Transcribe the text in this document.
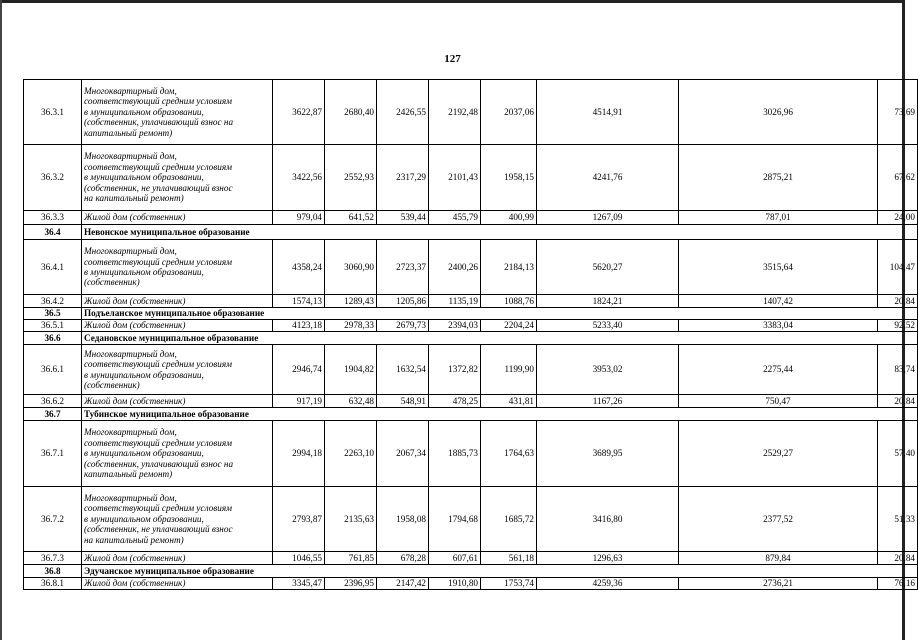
127
36.3.1	Многоквартирный дом,
соответствующий средним условиям
в муниципальном образовании,
(собственник, уплачивающий взнос на
капитальный ремонт)	3622,87	2680,40	2426,55	2192,48	2037,06	4514,91	3026,96	73,69
36.3.2	Многоквартирный дом,
соответствующий средним условиям
в муниципальном образовании,
(собственник, не уплачивающий взнос
на капитальный ремонт)	3422,56	2552,93	2317,29	2101,43	1958,15	4241,76	2875,21	67,62
36.3.3	Жилой дом (собственник)	979,04	641,52	539,44	455,79	400,99	1267,09	787,01	24,00
36.4	Невонское муниципальное образование								
36.4.1	Многоквартирный дом,
соответствующий средним условиям
в муниципальном образовании,
(собственник)	4358,24	3060,90	2723,37	2400,26	2184,13	5620,27	3515,64	104,47
36.4.2	Жилой дом (собственник)	1574,13	1289,43	1205,86	1135,19	1088,76	1824,21	1407,42	20,84
36.5	Подъеланское муниципальное образование								
36.5.1	Жилой дом (собственник)	4123,18	2978,33	2679,73	2394,03	2204,24	5233,40	3383,04	92,52
36.6	Седановское муниципальное образование								
36.6.1	Многоквартирный дом,
соответствующий средним условиям
в муниципальном образовании,
(собственник)	2946,74	1904,82	1632,54	1372,82	1199,90	3953,02	2275,44	83,74
36.6.2	Жилой дом (собственник)	917,19	632,48	548,91	478,25	431,81	1167,26	750,47	20,84
36.7	Тубинское муниципальное образование								
36.7.1	Многоквартирный дом,
соответствующий средним условиям
в муниципальном образовании,
(собственник, уплачивающий взнос на
капитальный ремонт)	2994,18	2263,10	2067,34	1885,73	1764,63	3689,95	2529,27	57,40
36.7.2	Многоквартирный дом,
соответствующий средним условиям
в муниципальном образовании,
(собственник, не уплачивающий взнос
на капитальный ремонт)	2793,87	2135,63	1958,08	1794,68	1685,72	3416,80	2377,52	51,33
36.7.3	Жилой дом (собственник)	1046,55	761,85	678,28	607,61	561,18	1296,63	879,84	20,84
36.8	Эдучанское муниципальное образование								
36.8.1	Жилой дом (собственник)	3345,47	2396,95	2147,42	1910,80	1753,74	4259,36	2736,21	76,16
